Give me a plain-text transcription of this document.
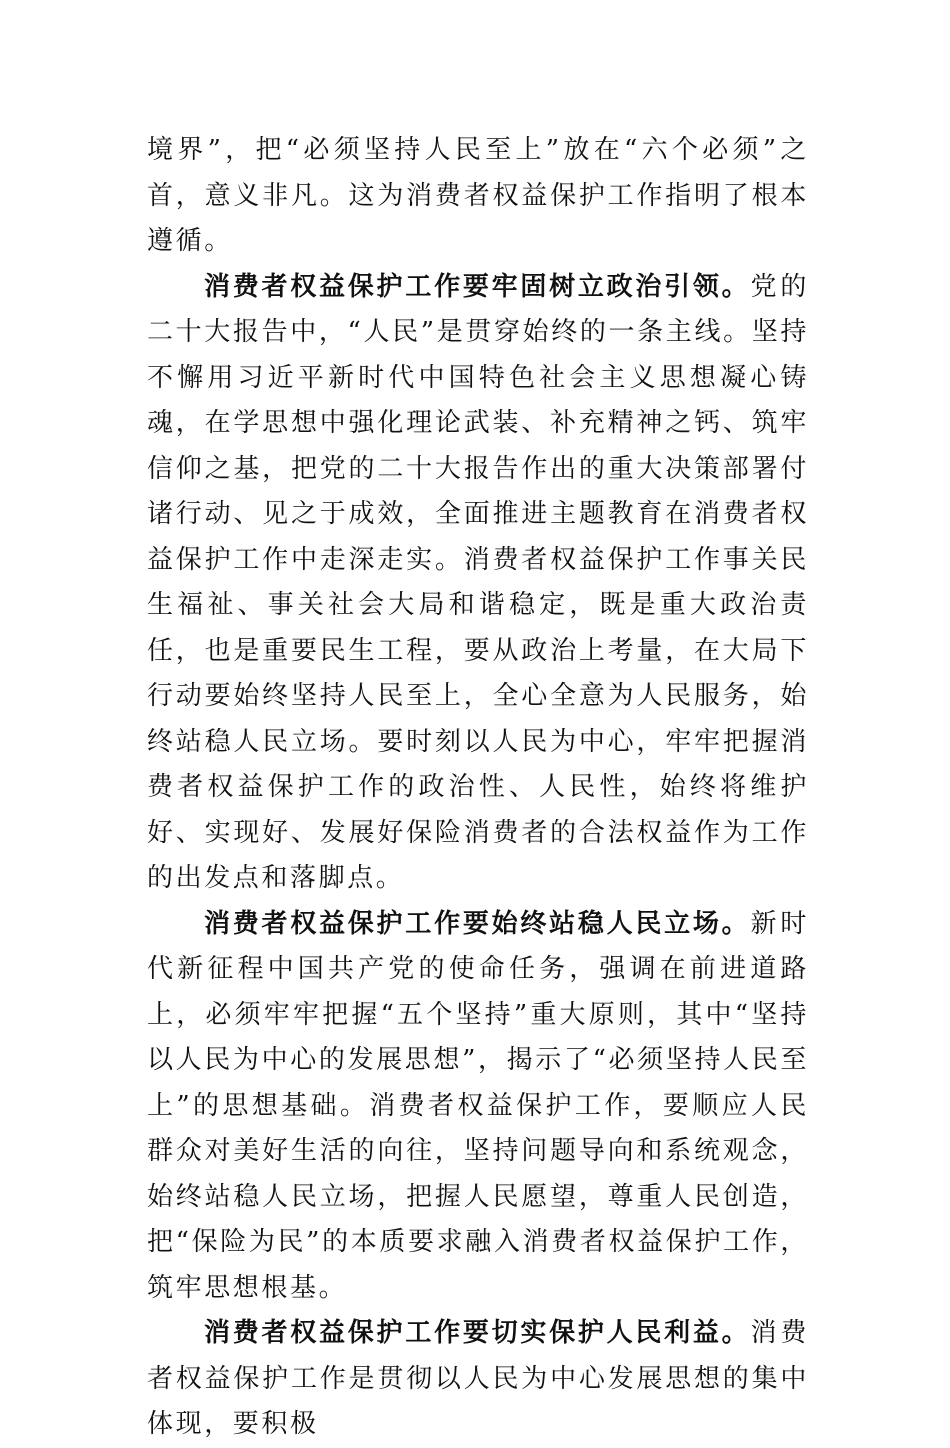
境界”，把“必须坚持人民至上”放在“六个必须”之首，意义非凡。这为消费者权益保护工作指明了根本遵循。

消费者权益保护工作要牢固树立政治引领。党的二十大报告中，“人民”是贯穿始终的一条主线。坚持不懈用习近平新时代中国特色社会主义思想凝心铸魂，在学思想中强化理论武装、补充精神之钙、筑牢信仰之基，把党的二十大报告作出的重大决策部署付诸行动、见之于成效，全面推进主题教育在消费者权益保护工作中走深走实。消费者权益保护工作事关民生福祉、事关社会大局和谐稳定，既是重大政治责任，也是重要民生工程，要从政治上考量，在大局下行动要始终坚持人民至上，全心全意为人民服务，始终站稳人民立场。要时刻以人民为中心，牢牢把握消费者权益保护工作的政治性、人民性，始终将维护好、实现好、发展好保险消费者的合法权益作为工作的出发点和落脚点。

消费者权益保护工作要始终站稳人民立场。新时代新征程中国共产党的使命任务，强调在前进道路上，必须牢牢把握“五个坚持”重大原则，其中“坚持以人民为中心的发展思想”，揭示了“必须坚持人民至上”的思想基础。消费者权益保护工作，要顺应人民群众对美好生活的向往，坚持问题导向和系统观念，始终站稳人民立场，把握人民愿望，尊重人民创造，把“保险为民”的本质要求融入消费者权益保护工作，筑牢思想根基。

消费者权益保护工作要切实保护人民利益。消费者权益保护工作是贯彻以人民为中心发展思想的集中体现，要积极
